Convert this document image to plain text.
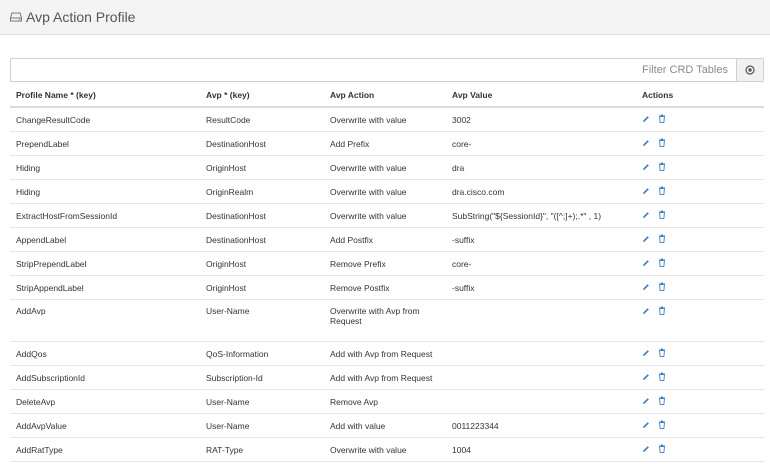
Avp Action Profile
Filter CRD Tables
Profile Name * (key)	Avp * (key)	Avp Action	Avp Value	Actions
ChangeResultCode	ResultCode	Overwrite with value	3002	

PrependLabel	DestinationHost	Add Prefix	core-	

Hiding	OriginHost	Overwrite with value	dra	

Hiding	OriginRealm	Overwrite with value	dra.cisco.com	

ExtractHostFromSessionId	DestinationHost	Overwrite with value	SubString("${SessionId}", "([^;]+);.*" , 1)	

AppendLabel	DestinationHost	Add Postfix	-suffix	

StripPrependLabel	OriginHost	Remove Prefix	core-	

StripAppendLabel	OriginHost	Remove Postfix	-suffix	

AddAvp	User-Name	Overwrite with Avp from Request		

AddQos	QoS-Information	Add with Avp from Request		

AddSubscriptionId	Subscription-Id	Add with Avp from Request		

DeleteAvp	User-Name	Remove Avp		

AddAvpValue	User-Name	Add with value	0011223344	

AddRatType	RAT-Type	Overwrite with value	1004	
